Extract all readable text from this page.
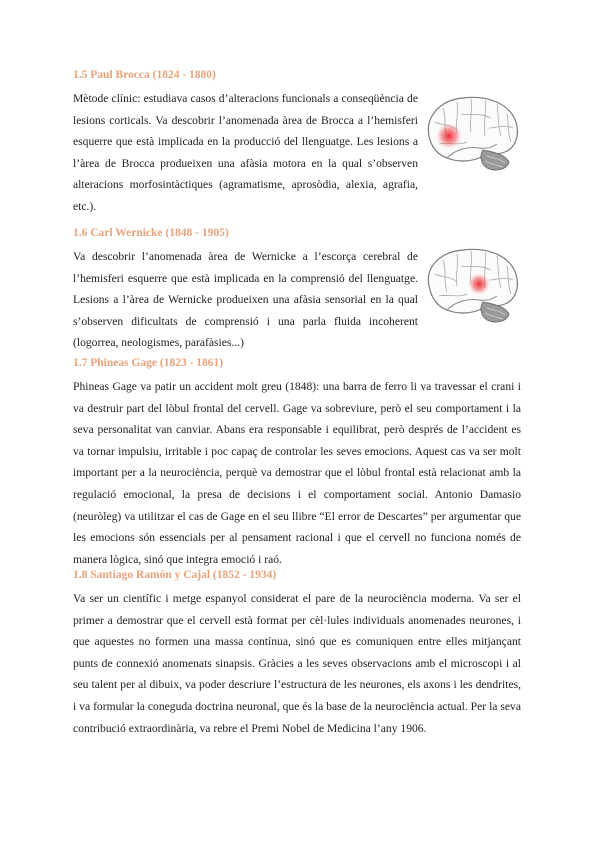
1.5 Paul Brocca (1824 - 1880)

Mètode clínic: estudiava casos d’alteracions funcionals a conseqüència de lesions corticals. Va descobrir l’anomenada àrea de Brocca a l’hemisferi esquerre que està implicada en la producció del llenguatge. Les lesions a l’àrea de Brocca produeixen una afàsia motora en la qual s’observen alteracions morfosintàctiques (agramatisme, aprosòdia, alexia, agrafia, etc.).

1.6 Carl Wernicke (1848 - 1905)

Va descobrir l’anomenada àrea de Wernicke a l’escorça cerebral de l’hemisferi esquerre que està implicada en la comprensió del llenguatge. Lesions a l’àrea de Wernicke produeixen una afàsia sensorial en la qual s’observen dificultats de comprensió i una parla fluida incoherent (logorrea, neologismes, parafàsies...)

1.7 Phineas Gage (1823 - 1861)

Phineas Gage va patir un accident molt greu (1848): una barra de ferro li va travessar el crani i va destruir part del lòbul frontal del cervell. Gage va sobreviure, però el seu comportament i la seva personalitat van canviar. Abans era responsable i equilibrat, però després de l’accident es va tornar impulsiu, irritable i poc capaç de controlar les seves emocions. Aquest cas va ser molt important per a la neurociència, perquè va demostrar que el lòbul frontal està relacionat amb la regulació emocional, la presa de decisions i el comportament social. Antonio Damasio (neuròleg) va utilitzar el cas de Gage en el seu llibre “El error de Descartes” per argumentar que les emocions són essencials per al pensament racional i que el cervell no funciona només de manera lògica, sinó que integra emoció i raó.

1.8 Santiago Ramón y Cajal (1852 - 1934)

Va ser un científic i metge espanyol considerat el pare de la neurociència moderna. Va ser el primer a demostrar que el cervell està format per cèl·lules individuals anomenades neurones, i que aquestes no formen una massa contínua, sinó que es comuniquen entre elles mitjançant punts de connexió anomenats sinapsis. Gràcies a les seves observacions amb el microscopi i al seu talent per al dibuix, va poder descriure l’estructura de les neurones, els axons i les dendrites, i va formular la coneguda doctrina neuronal, que és la base de la neurociència actual. Per la seva contribució extraordinària, va rebre el Premi Nobel de Medicina l’any 1906.
